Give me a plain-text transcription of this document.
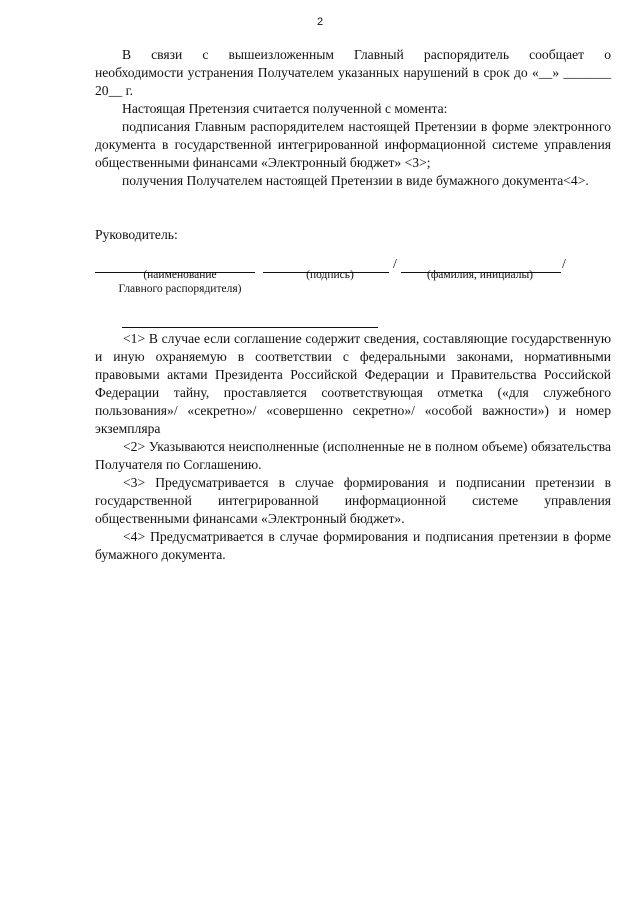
2

В связи с вышеизложенным Главный распорядитель сообщает о

необходимости устранения Получателем указанных нарушений в срок до «__» _______ 20__ г.

Настоящая Претензия считается полученной с момента:

подписания Главным распорядителем настоящей Претензии в форме электронного документа в государственной интегрированной информационной системе управления общественными финансами «Электронный бюджет» <3>;

получения Получателем настоящей Претензии в виде бумажного документа<4>.

Руководитель:
/	/
(наименование
Главного распорядителя)
(подпись)	(фамилия, инициалы)

<1> В случае если соглашение содержит сведения, составляющие государственную и иную охраняемую в соответствии с федеральными законами, нормативными правовыми актами Президента Российской Федерации и Правительства Российской Федерации тайну, проставляется соответствующая отметка («для служебного пользования»/ «секретно»/ «совершенно секретно»/ «особой важности») и номер экземпляра

<2> Указываются неисполненные (исполненные не в полном объеме) обязательства Получателя по Соглашению.

<3> Предусматривается в случае формирования и подписании претензии в государственной интегрированной информационной системе управления общественными финансами «Электронный бюджет».

<4> Предусматривается в случае формирования и подписания претензии в форме бумажного документа.
